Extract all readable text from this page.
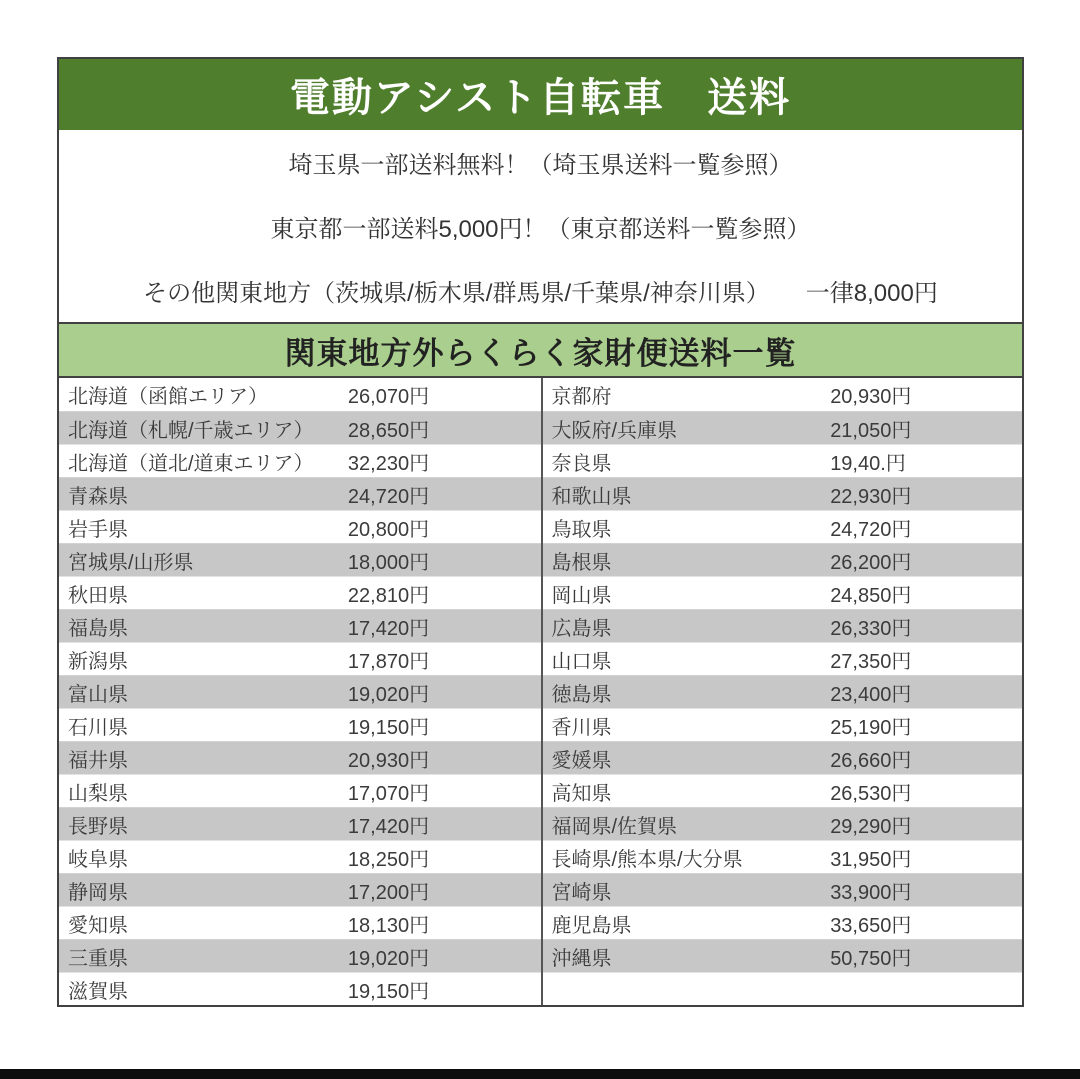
電動アシスト自転車　送料
埼玉県一部送料無料！（埼玉県送料一覧参照）
東京都一部送料5,000円！（東京都送料一覧参照）
その他関東地方（茨城県/栃木県/群馬県/千葉県/神奈川県）　　一律8,000円
関東地方外らくらく家財便送料一覧
北海道（函館エリア）	26,070円
北海道（札幌/千歳エリア）	28,650円
北海道（道北/道東エリア）	32,230円
青森県	24,720円
岩手県	20,800円
宮城県/山形県	18,000円
秋田県	22,810円
福島県	17,420円
新潟県	17,870円
富山県	19,020円
石川県	19,150円
福井県	20,930円
山梨県	17,070円
長野県	17,420円
岐阜県	18,250円
静岡県	17,200円
愛知県	18,130円
三重県	19,020円
滋賀県	19,150円
京都府	20,930円
大阪府/兵庫県	21,050円
奈良県	19,40.円
和歌山県	22,930円
鳥取県	24,720円
島根県	26,200円
岡山県	24,850円
広島県	26,330円
山口県	27,350円
徳島県	23,400円
香川県	25,190円
愛媛県	26,660円
高知県	26,530円
福岡県/佐賀県	29,290円
長崎県/熊本県/大分県	31,950円
宮崎県	33,900円
鹿児島県	33,650円
沖縄県	50,750円
